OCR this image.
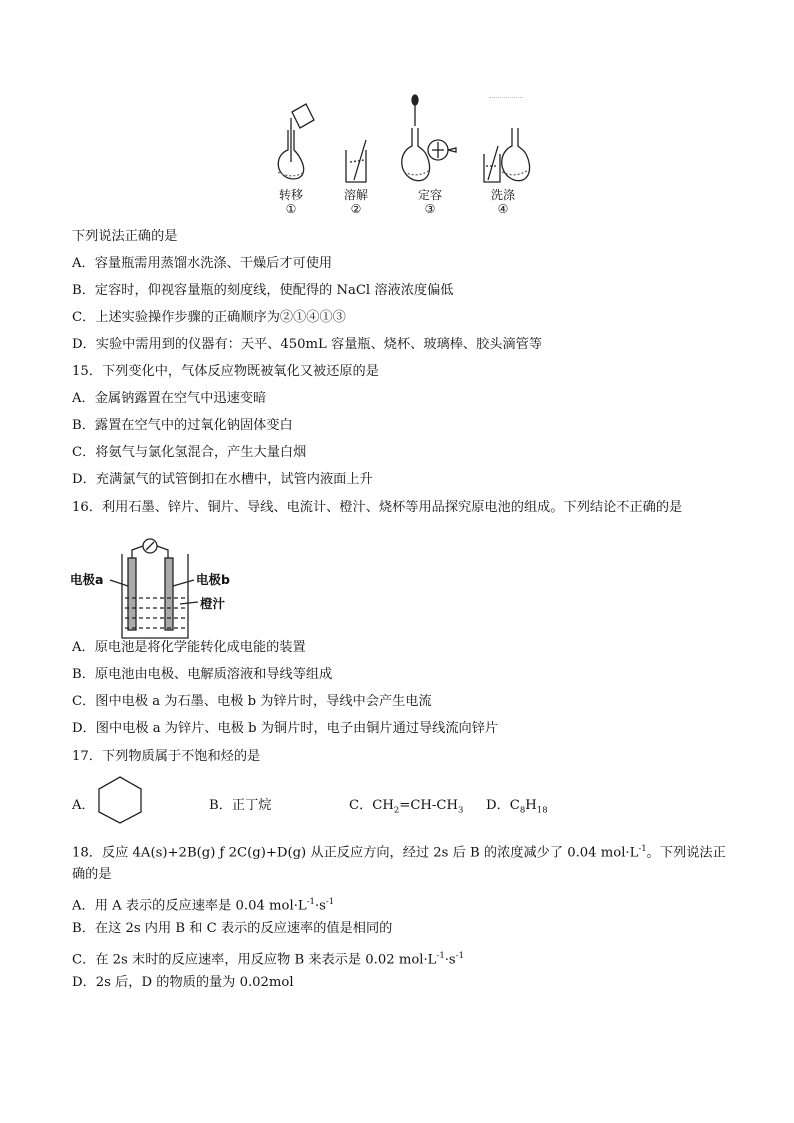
转移
①
溶解
②
定容
③
洗涤
④
下列说法正确的是
A．容量瓶需用蒸馏水洗涤、干燥后才可使用
B．定容时，仰视容量瓶的刻度线，使配得的 NaCl 溶液浓度偏低
C．上述实验操作步骤的正确顺序为②①④①③
D．实验中需用到的仪器有：天平、450mL 容量瓶、烧杯、玻璃棒、胶头滴管等
15．下列变化中，气体反应物既被氧化又被还原的是
A．金属钠露置在空气中迅速变暗
B．露置在空气中的过氧化钠固体变白
C．将氨气与氯化氢混合，产生大量白烟
D．充满氯气的试管倒扣在水槽中，试管内液面上升
16．利用石墨、锌片、铜片、导线、电流计、橙汁、烧杯等用品探究原电池的组成。下列结论不正确的是
电极a	电极b
橙汁
A．原电池是将化学能转化成电能的装置
B．原电池由电极、电解质溶液和导线等组成
C．图中电极 a 为石墨、电极 b 为锌片时，导线中会产生电流
D．图中电极 a 为锌片、电极 b 为铜片时，电子由铜片通过导线流向锌片
17．下列物质属于不饱和烃的是
A．	B．正丁烷	C．$CH_2=CH-CH_3$ D．$C_8H_{18}$
18．反应 4A(s)+2B(g) ƒ 2C(g)+D(g) 从正反应方向，经过 2s 后 B 的浓度减少了 0.04 $mol\cdot L^{-1}$。下列说法正
确的是
A．用 A 表示的反应速率是 0.04 $mol\cdot L^{-1}\cdot s^{-1}$
B．在这 2s 内用 B 和 C 表示的反应速率的值是相同的
C．在 2s 末时的反应速率，用反应物 B 来表示是 0.02 $mol\cdot L^{-1}\cdot s^{-1}$
D．2s 后，D 的物质的量为 0.02mol
